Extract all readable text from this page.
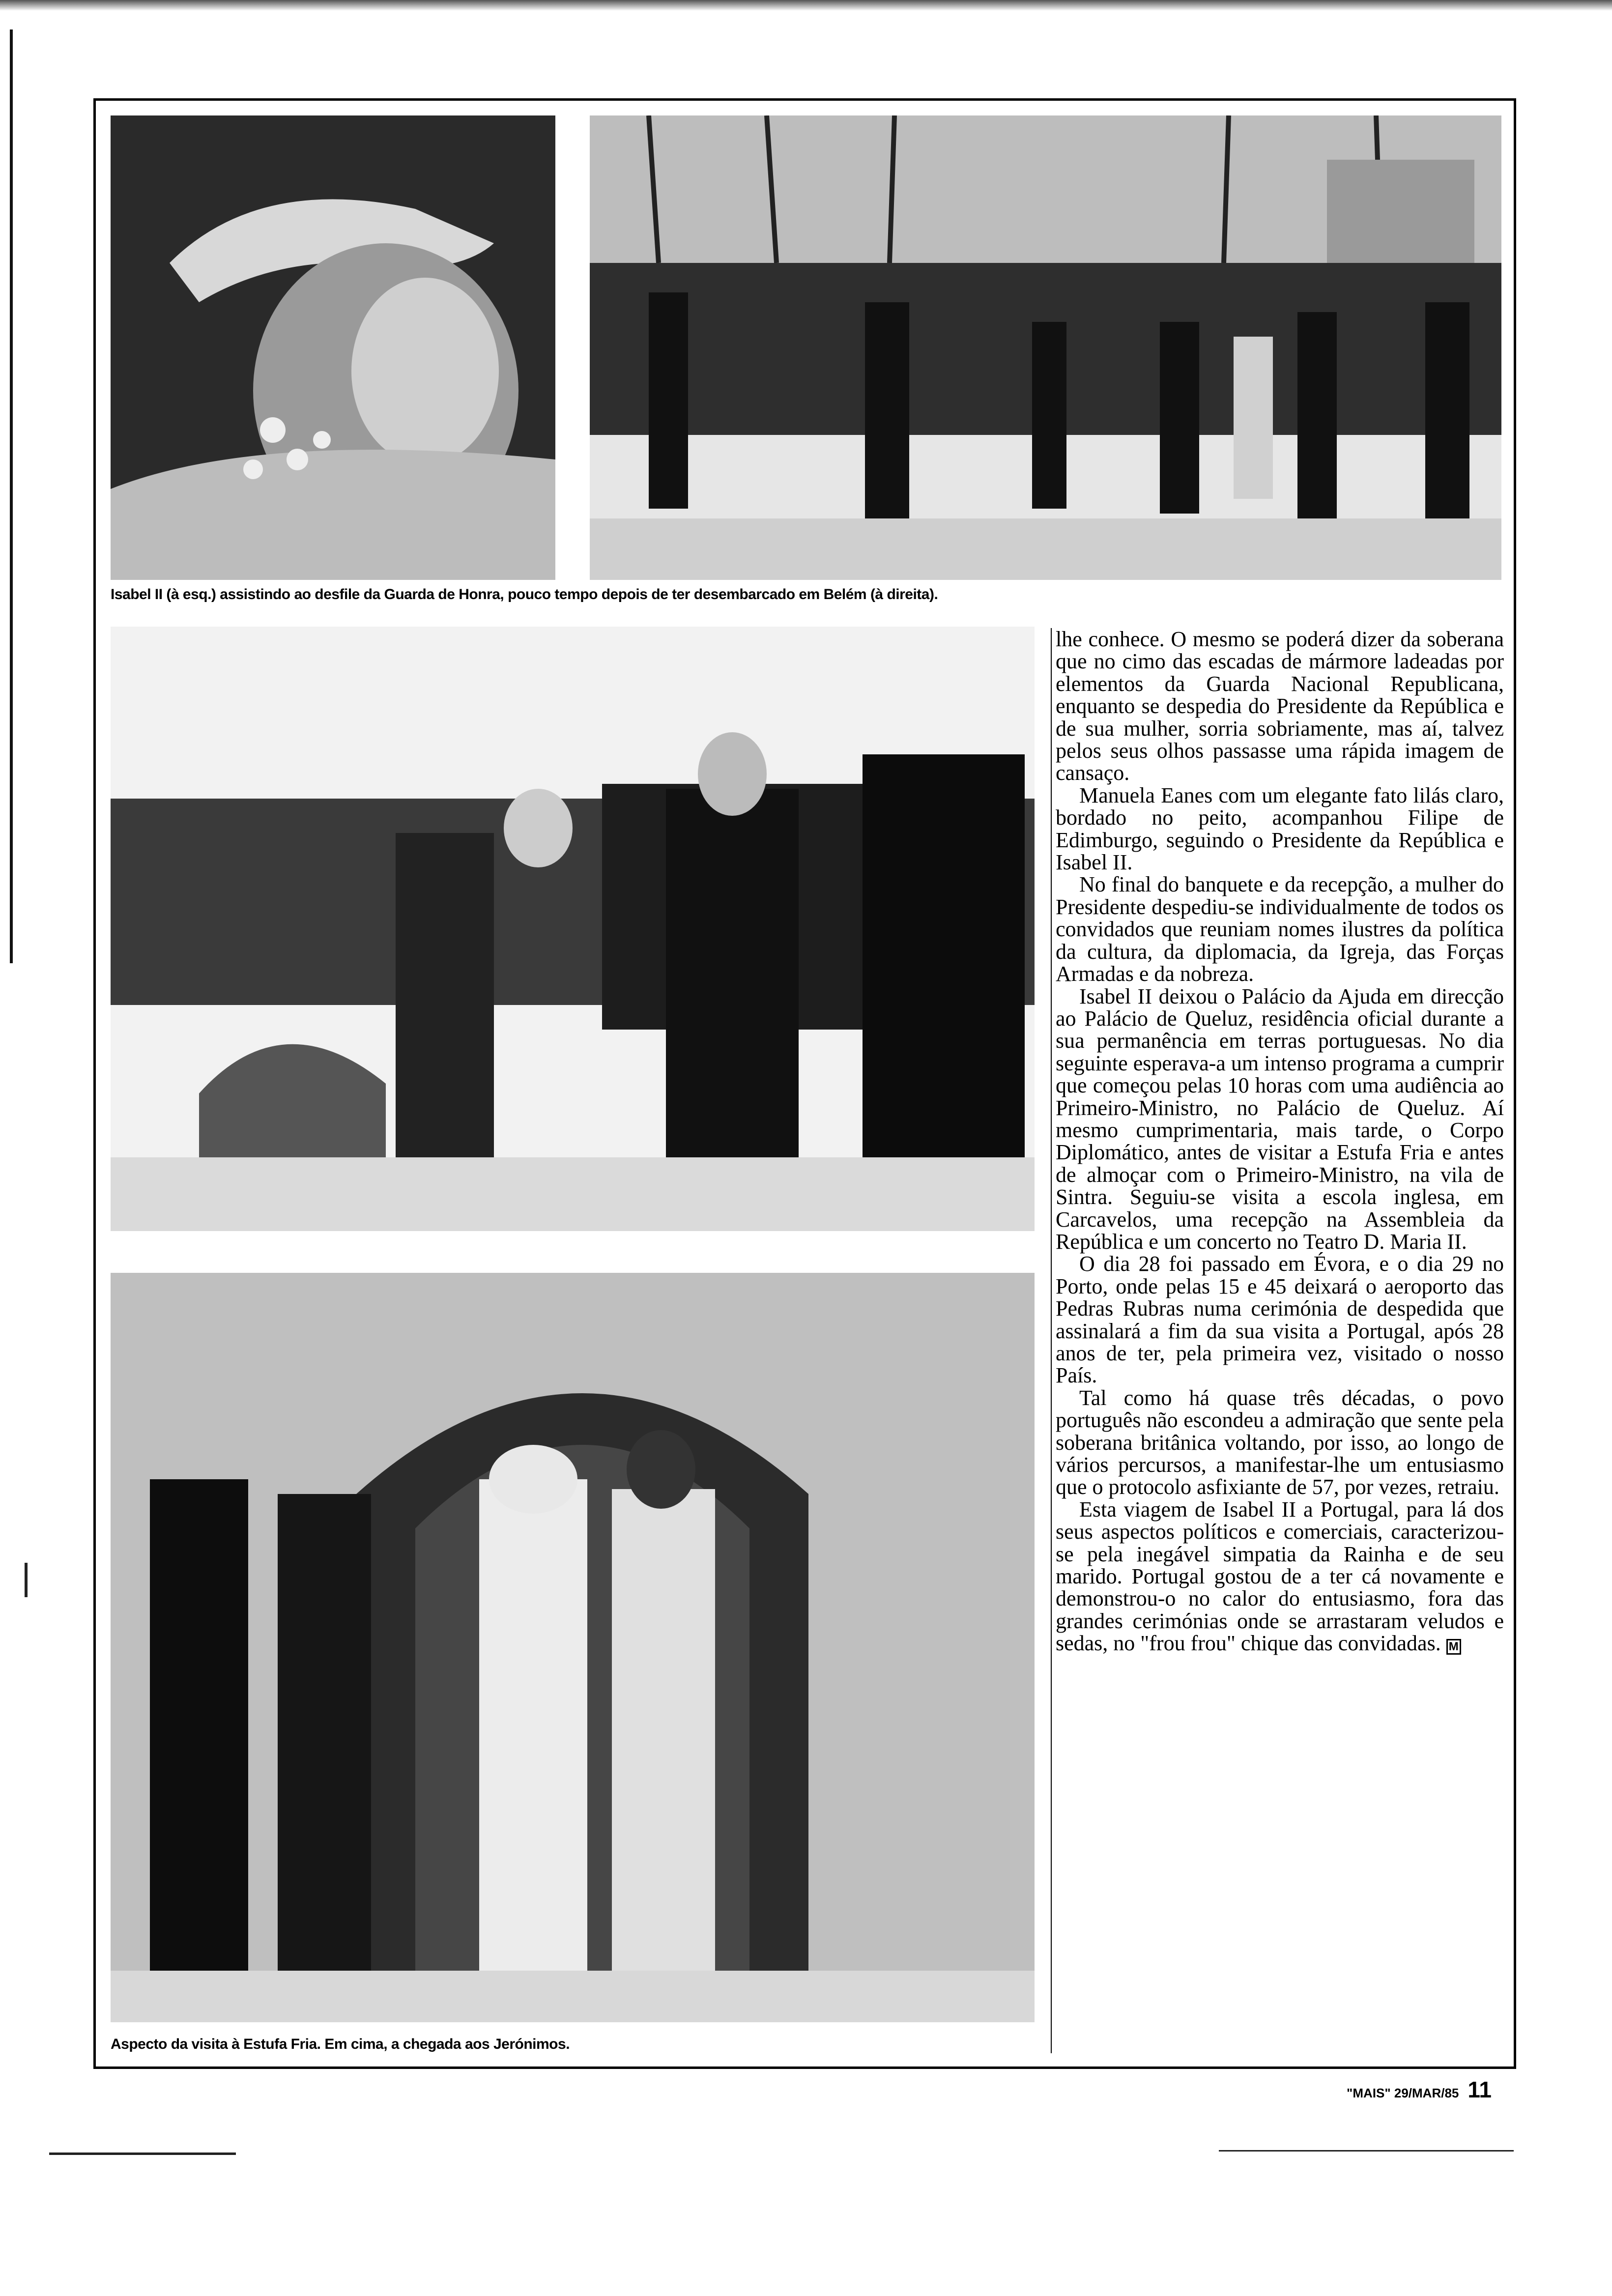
Isabel II (à esq.) assistindo ao desfile da Guarda de Honra, pouco tempo depois de ter desembarcado em Belém (à direita).
Aspecto da visita à Estufa Fria. Em cima, a chegada aos Jerónimos.

lhe conhece. O mesmo se poderá dizer da soberana que no cimo das escadas de mármore ladeadas por elementos da Guarda Nacional Republicana, enquanto se despedia do Presidente da República e de sua mulher, sorria sobriamente, mas aí, talvez pelos seus olhos passasse uma rápida imagem de cansaço.

Manuela Eanes com um elegante fato lilás claro, bordado no peito, acompanhou Filipe de Edimburgo, seguindo o Presidente da República e Isabel II.

No final do banquete e da recepção, a mulher do Presidente despediu-se individualmente de todos os convidados que reuniam nomes ilustres da política da cultura, da diplomacia, da Igreja, das Forças Armadas e da nobreza.

Isabel II deixou o Palácio da Ajuda em direcção ao Palácio de Queluz, residência oficial durante a sua permanência em terras portuguesas. No dia seguinte esperava-a um intenso programa a cumprir que começou pelas 10 horas com uma audiência ao Primeiro-Ministro, no Palácio de Queluz. Aí mesmo cumprimentaria, mais tarde, o Corpo Diplomático, antes de visitar a Estufa Fria e antes de almoçar com o Primeiro-Ministro, na vila de Sintra. Seguiu-se visita a escola inglesa, em Carcavelos, uma recepção na Assembleia da República e um concerto no Teatro D. Maria II.

O dia 28 foi passado em Évora, e o dia 29 no Porto, onde pelas 15 e 45 deixará o aeroporto das Pedras Rubras numa cerimónia de despedida que assinalará a fim da sua visita a Portugal, após 28 anos de ter, pela primeira vez, visitado o nosso País.

Tal como há quase três décadas, o povo português não escondeu a admiração que sente pela soberana britânica voltando, por isso, ao longo de vários percursos, a manifestar-lhe um entusiasmo que o protocolo asfixiante de 57, por vezes, retraiu.

Esta viagem de Isabel II a Portugal, para lá dos seus aspectos políticos e comerciais, caracterizou-se pela inegável simpatia da Rainha e de seu marido. Portugal gostou de a ter cá novamente e demonstrou-o no calor do entusiasmo, fora das grandes cerimónias onde se arrastaram veludos e sedas, no "frou frou" chique das convidadas. M

"MAIS" 29/MAR/85 11
